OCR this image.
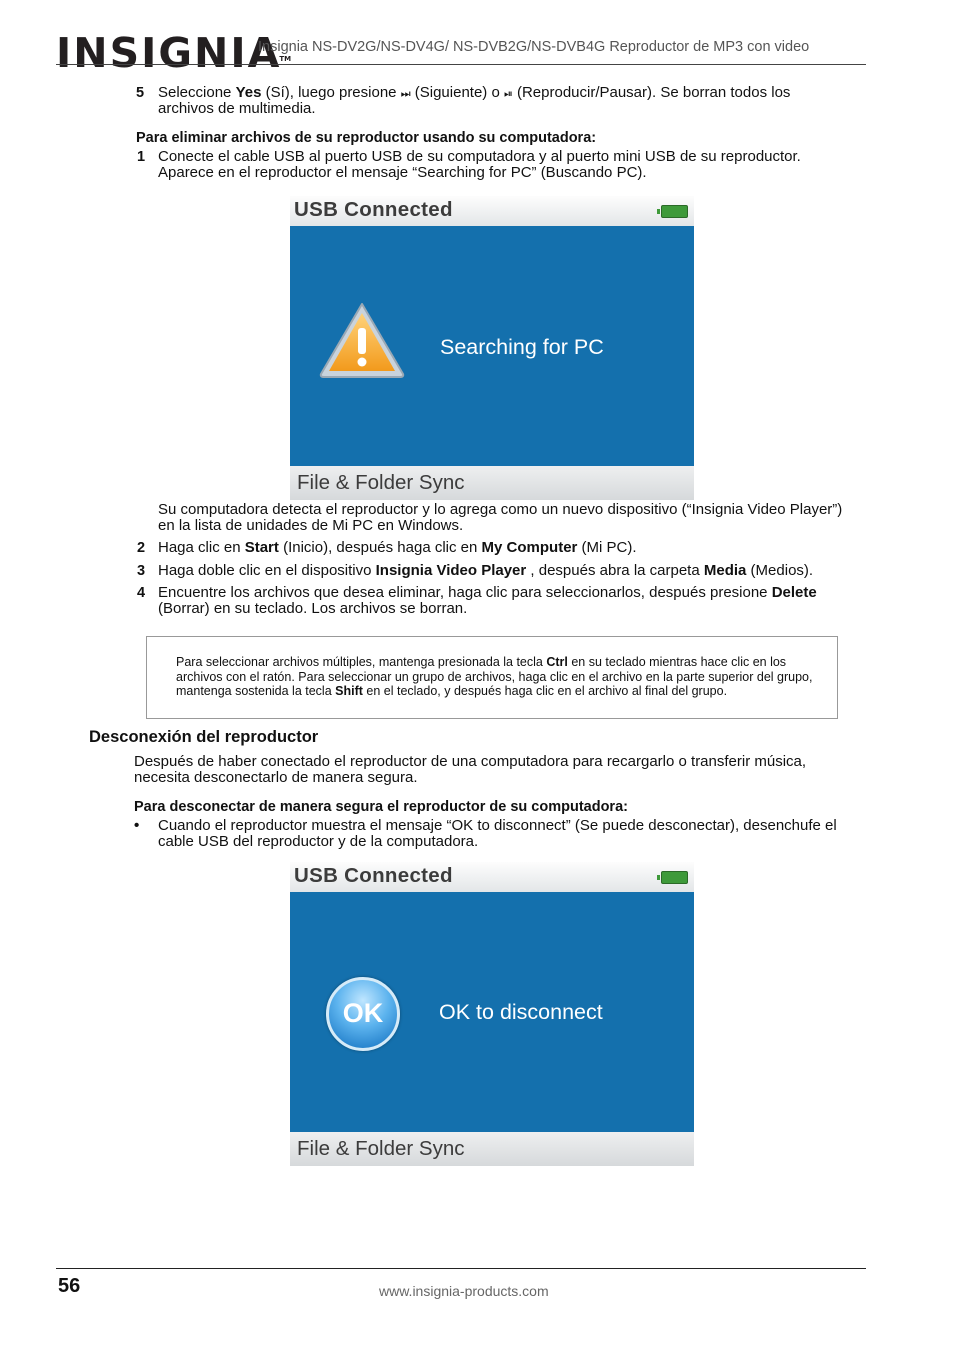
INSIGNIA™
Insignia NS-DV2G/NS-DV4G/ NS-DVB2G/NS-DVB4G Reproductor de MP3 con video
5 Seleccione Yes (Sí), luego presione ⏭ (Siguiente) o ⏯ (Reproducir/Pausar). Se borran todos los
archivos de multimedia.
Para eliminar archivos de su reproductor usando su computadora:
1 Conecte el cable USB al puerto USB de su computadora y al puerto mini USB de su reproductor.
Aparece en el reproductor el mensaje “Searching for PC” (Buscando PC).
USB Connected
Searching for PC
File & Folder Sync
Su computadora detecta el reproductor y lo agrega como un nuevo dispositivo (“Insignia Video Player”)
en la lista de unidades de Mi PC en Windows.
2 Haga clic en Start (Inicio), después haga clic en My Computer (Mi PC).
3 Haga doble clic en el dispositivo Insignia Video Player , después abra la carpeta Media (Medios).
4 Encuentre los archivos que desea eliminar, haga clic para seleccionarlos, después presione Delete
(Borrar) en su teclado. Los archivos se borran.
Para seleccionar archivos múltiples, mantenga presionada la tecla Ctrl en su teclado mientras hace clic en los archivos con el ratón. Para seleccionar un grupo de archivos, haga clic en el archivo en la parte superior del grupo, mantenga sostenida la tecla Shift en el teclado, y después haga clic en el archivo al final del grupo.
Desconexión del reproductor
Después de haber conectado el reproductor de una computadora para recargarlo o transferir música,
necesita desconectarlo de manera segura.
Para desconectar de manera segura el reproductor de su computadora:
• Cuando el reproductor muestra el mensaje “OK to disconnect” (Se puede desconectar), desenchufe el
cable USB del reproductor y de la computadora.
USB Connected
OK	OK to disconnect
File & Folder Sync
56	www.insignia-products.com
